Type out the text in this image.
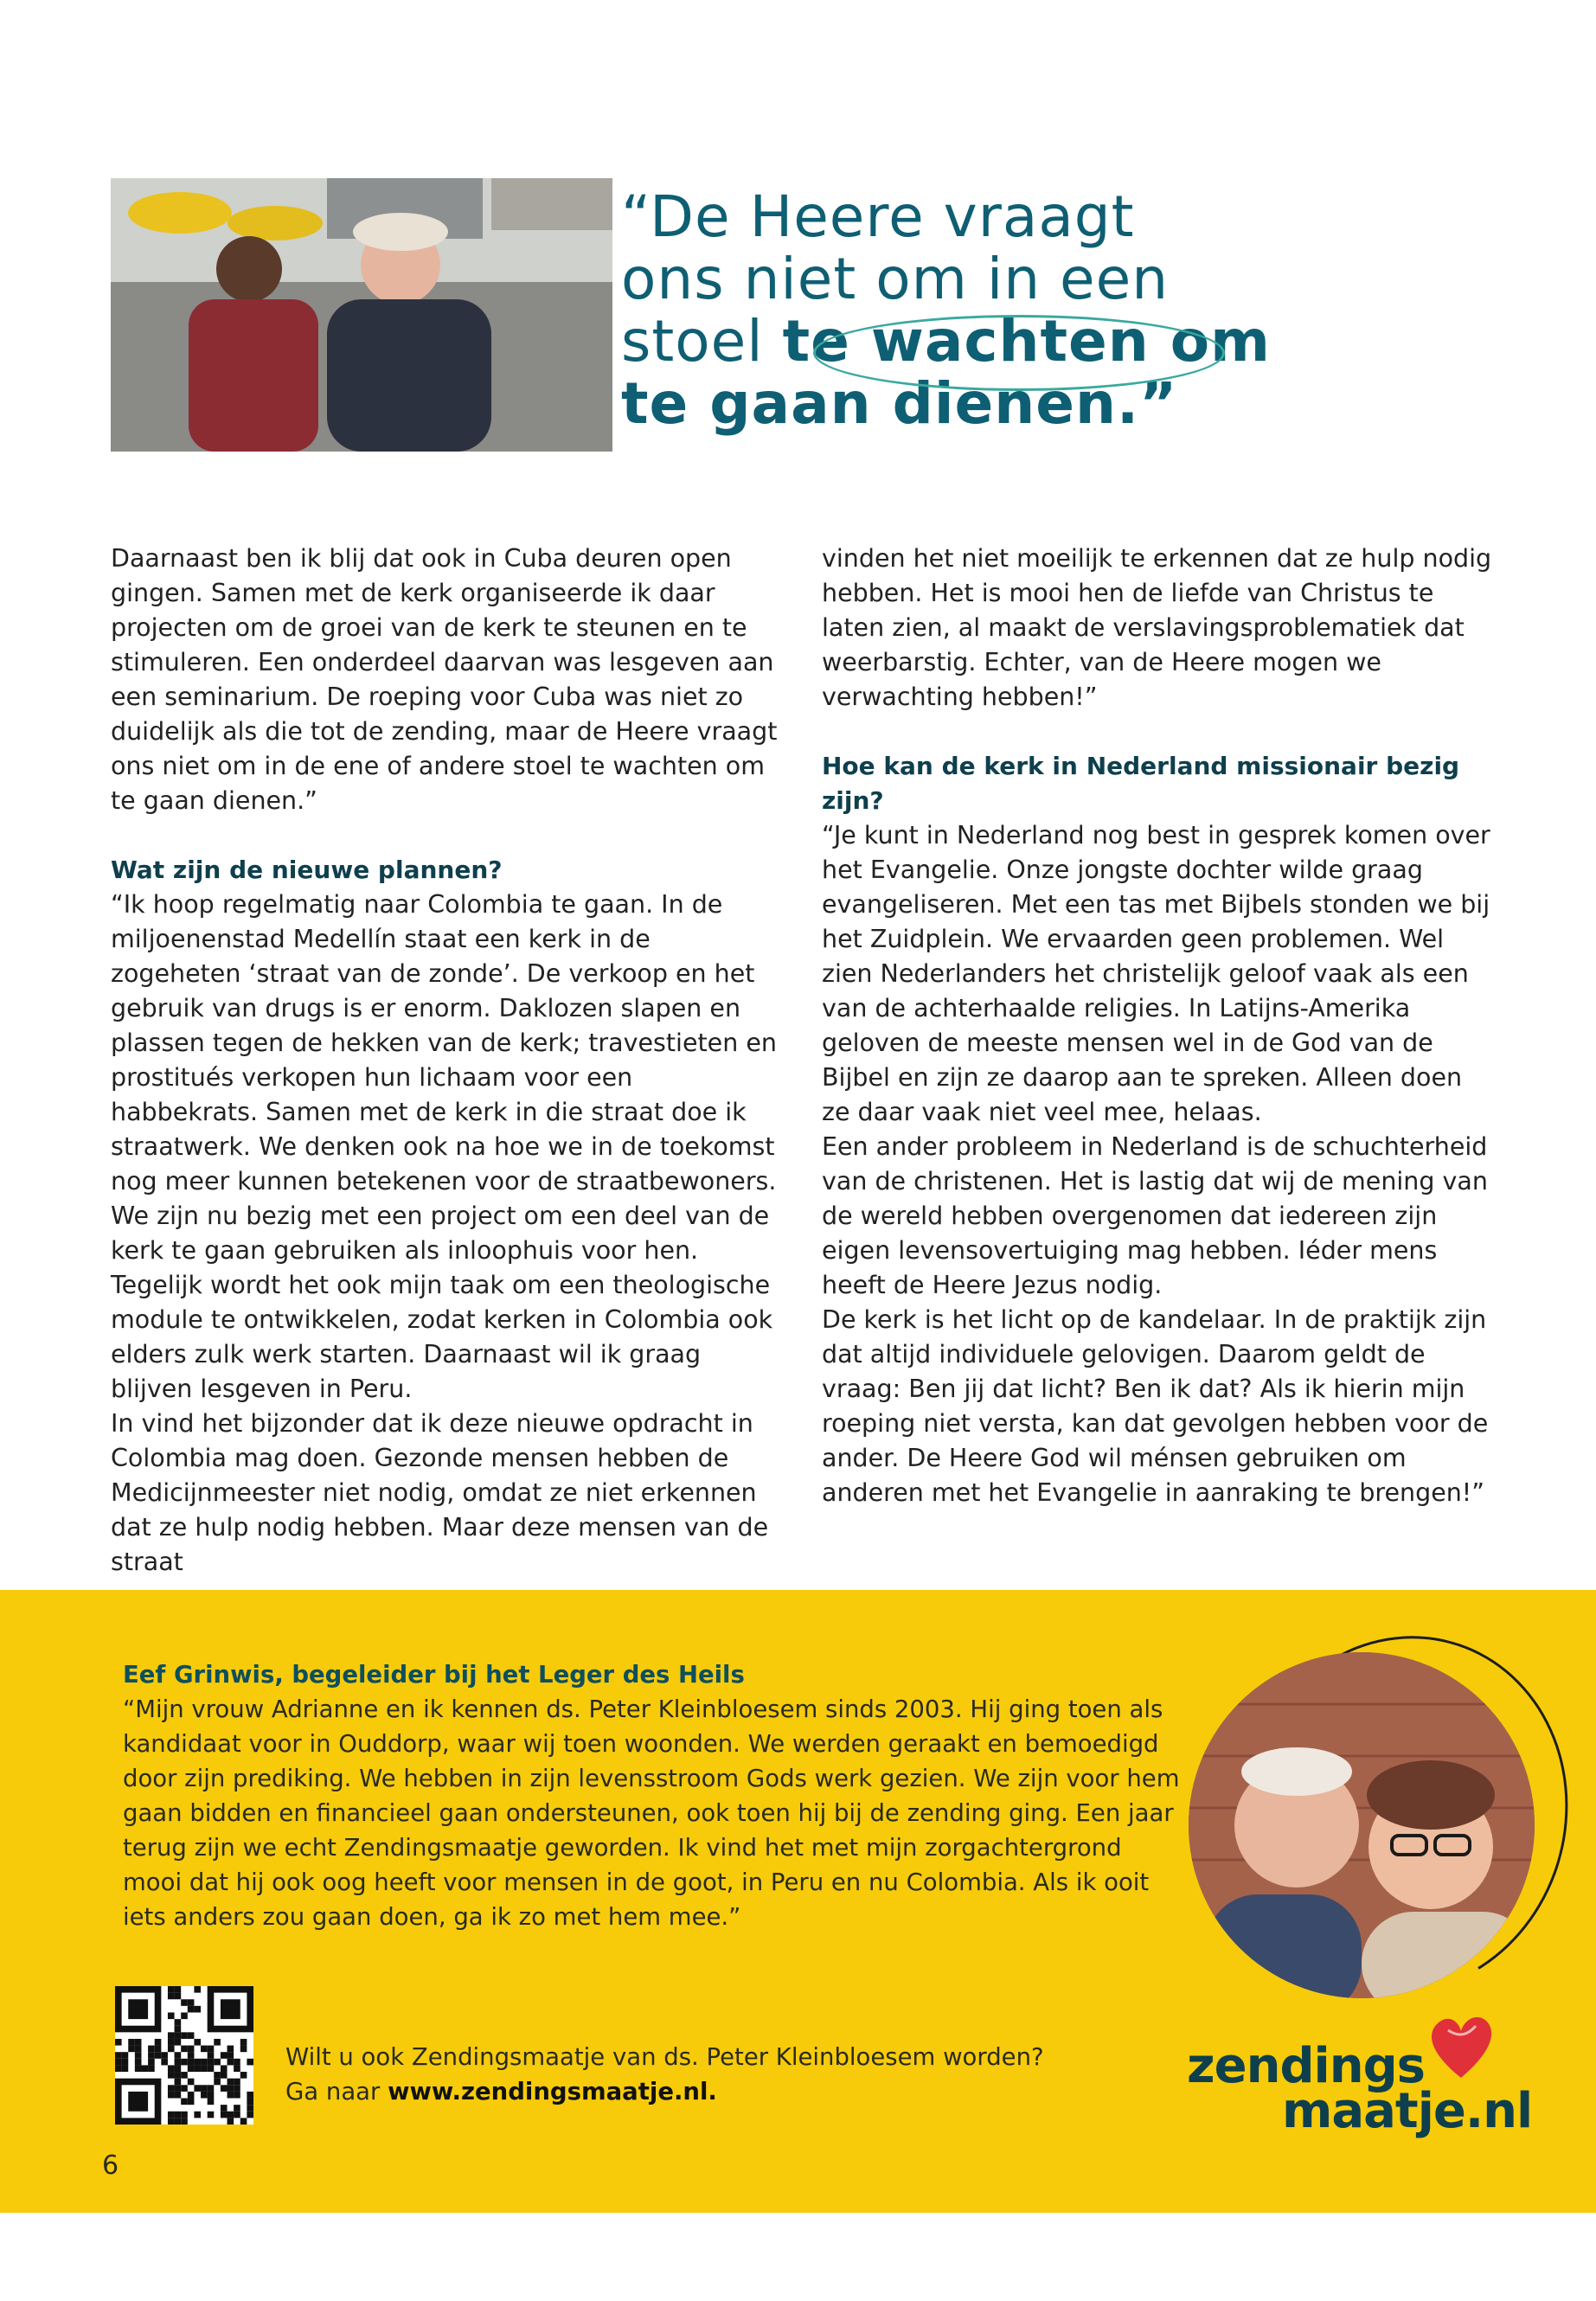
“De Heere vraagt
ons niet om in een
stoel te wachten om
te gaan dienen.”

Daarnaast ben ik blij dat ook in Cuba deuren open gingen. Samen met de kerk organiseerde ik daar projecten om de groei van de kerk te steunen en te stimuleren. Een onderdeel daarvan was lesgeven aan een seminarium. De roeping voor Cuba was niet zo duidelijk als die tot de zending, maar de Heere vraagt ons niet om in de ene of andere stoel te wachten om te gaan dienen.”

Wat zijn de nieuwe plannen?

“Ik hoop regelmatig naar Colombia te gaan. In de miljoenenstad Medellín staat een kerk in de zogeheten ‘straat van de zonde’. De verkoop en het gebruik van drugs is er enorm. Daklozen slapen en plassen tegen de hekken van de kerk; travestieten en prostitués verkopen hun lichaam voor een habbekrats. Samen met de kerk in die straat doe ik straatwerk. We denken ook na hoe we in de toekomst nog meer kunnen betekenen voor de straatbewoners. We zijn nu bezig met een project om een deel van de kerk te gaan gebruiken als inloophuis voor hen.

Tegelijk wordt het ook mijn taak om een theologische module te ontwikkelen, zodat kerken in Colombia ook elders zulk werk starten. Daarnaast wil ik graag blijven lesgeven in Peru.

In vind het bijzonder dat ik deze nieuwe opdracht in Colombia mag doen. Gezonde mensen hebben de Medicijnmeester niet nodig, omdat ze niet erkennen dat ze hulp nodig hebben. Maar deze mensen van de straat

vinden het niet moeilijk te erkennen dat ze hulp nodig hebben. Het is mooi hen de liefde van Christus te laten zien, al maakt de verslavingsproblematiek dat weerbarstig. Echter, van de Heere mogen we verwachting hebben!”

Hoe kan de kerk in Nederland missionair bezig zijn?

“Je kunt in Nederland nog best in gesprek komen over het Evangelie. Onze jongste dochter wilde graag evangeliseren. Met een tas met Bijbels stonden we bij het Zuidplein. We ervaarden geen problemen. Wel zien Nederlanders het christelijk geloof vaak als een van de achterhaalde religies. In Latijns-Amerika geloven de meeste mensen wel in de God van de Bijbel en zijn ze daarop aan te spreken. Alleen doen ze daar vaak niet veel mee, helaas.

Een ander probleem in Nederland is de schuchterheid van de christenen. Het is lastig dat wij de mening van de wereld hebben overgenomen dat iedereen zijn eigen levensovertuiging mag hebben. Iéder mens heeft de Heere Jezus nodig.

De kerk is het licht op de kandelaar. In de praktijk zijn dat altijd individuele gelovigen. Daarom geldt de vraag: Ben jij dat licht? Ben ik dat? Als ik hierin mijn roeping niet versta, kan dat gevolgen hebben voor de ander. De Heere God wil ménsen gebruiken om anderen met het Evangelie in aanraking te brengen!”

Eef Grinwis, begeleider bij het Leger des Heils
“Mijn vrouw Adrianne en ik kennen ds. Peter Kleinbloesem sinds 2003. Hij ging toen als kandidaat voor in Ouddorp, waar wij toen woonden. We werden geraakt en bemoedigd door zijn prediking. We hebben in zijn levensstroom Gods werk gezien. We zijn voor hem gaan bidden en financieel gaan ondersteunen, ook toen hij bij de zending ging. Een jaar terug zijn we echt Zendingsmaatje geworden. Ik vind het met mijn zorgachtergrond mooi dat hij ook oog heeft voor mensen in de goot, in Peru en nu Colombia. Als ik ooit iets anders zou gaan doen, ga ik zo met hem mee.”
Wilt u ook Zendingsmaatje van ds. Peter Kleinbloesem worden?
Ga naar www.zendingsmaatje.nl.	zendings
maatje.nl
6
